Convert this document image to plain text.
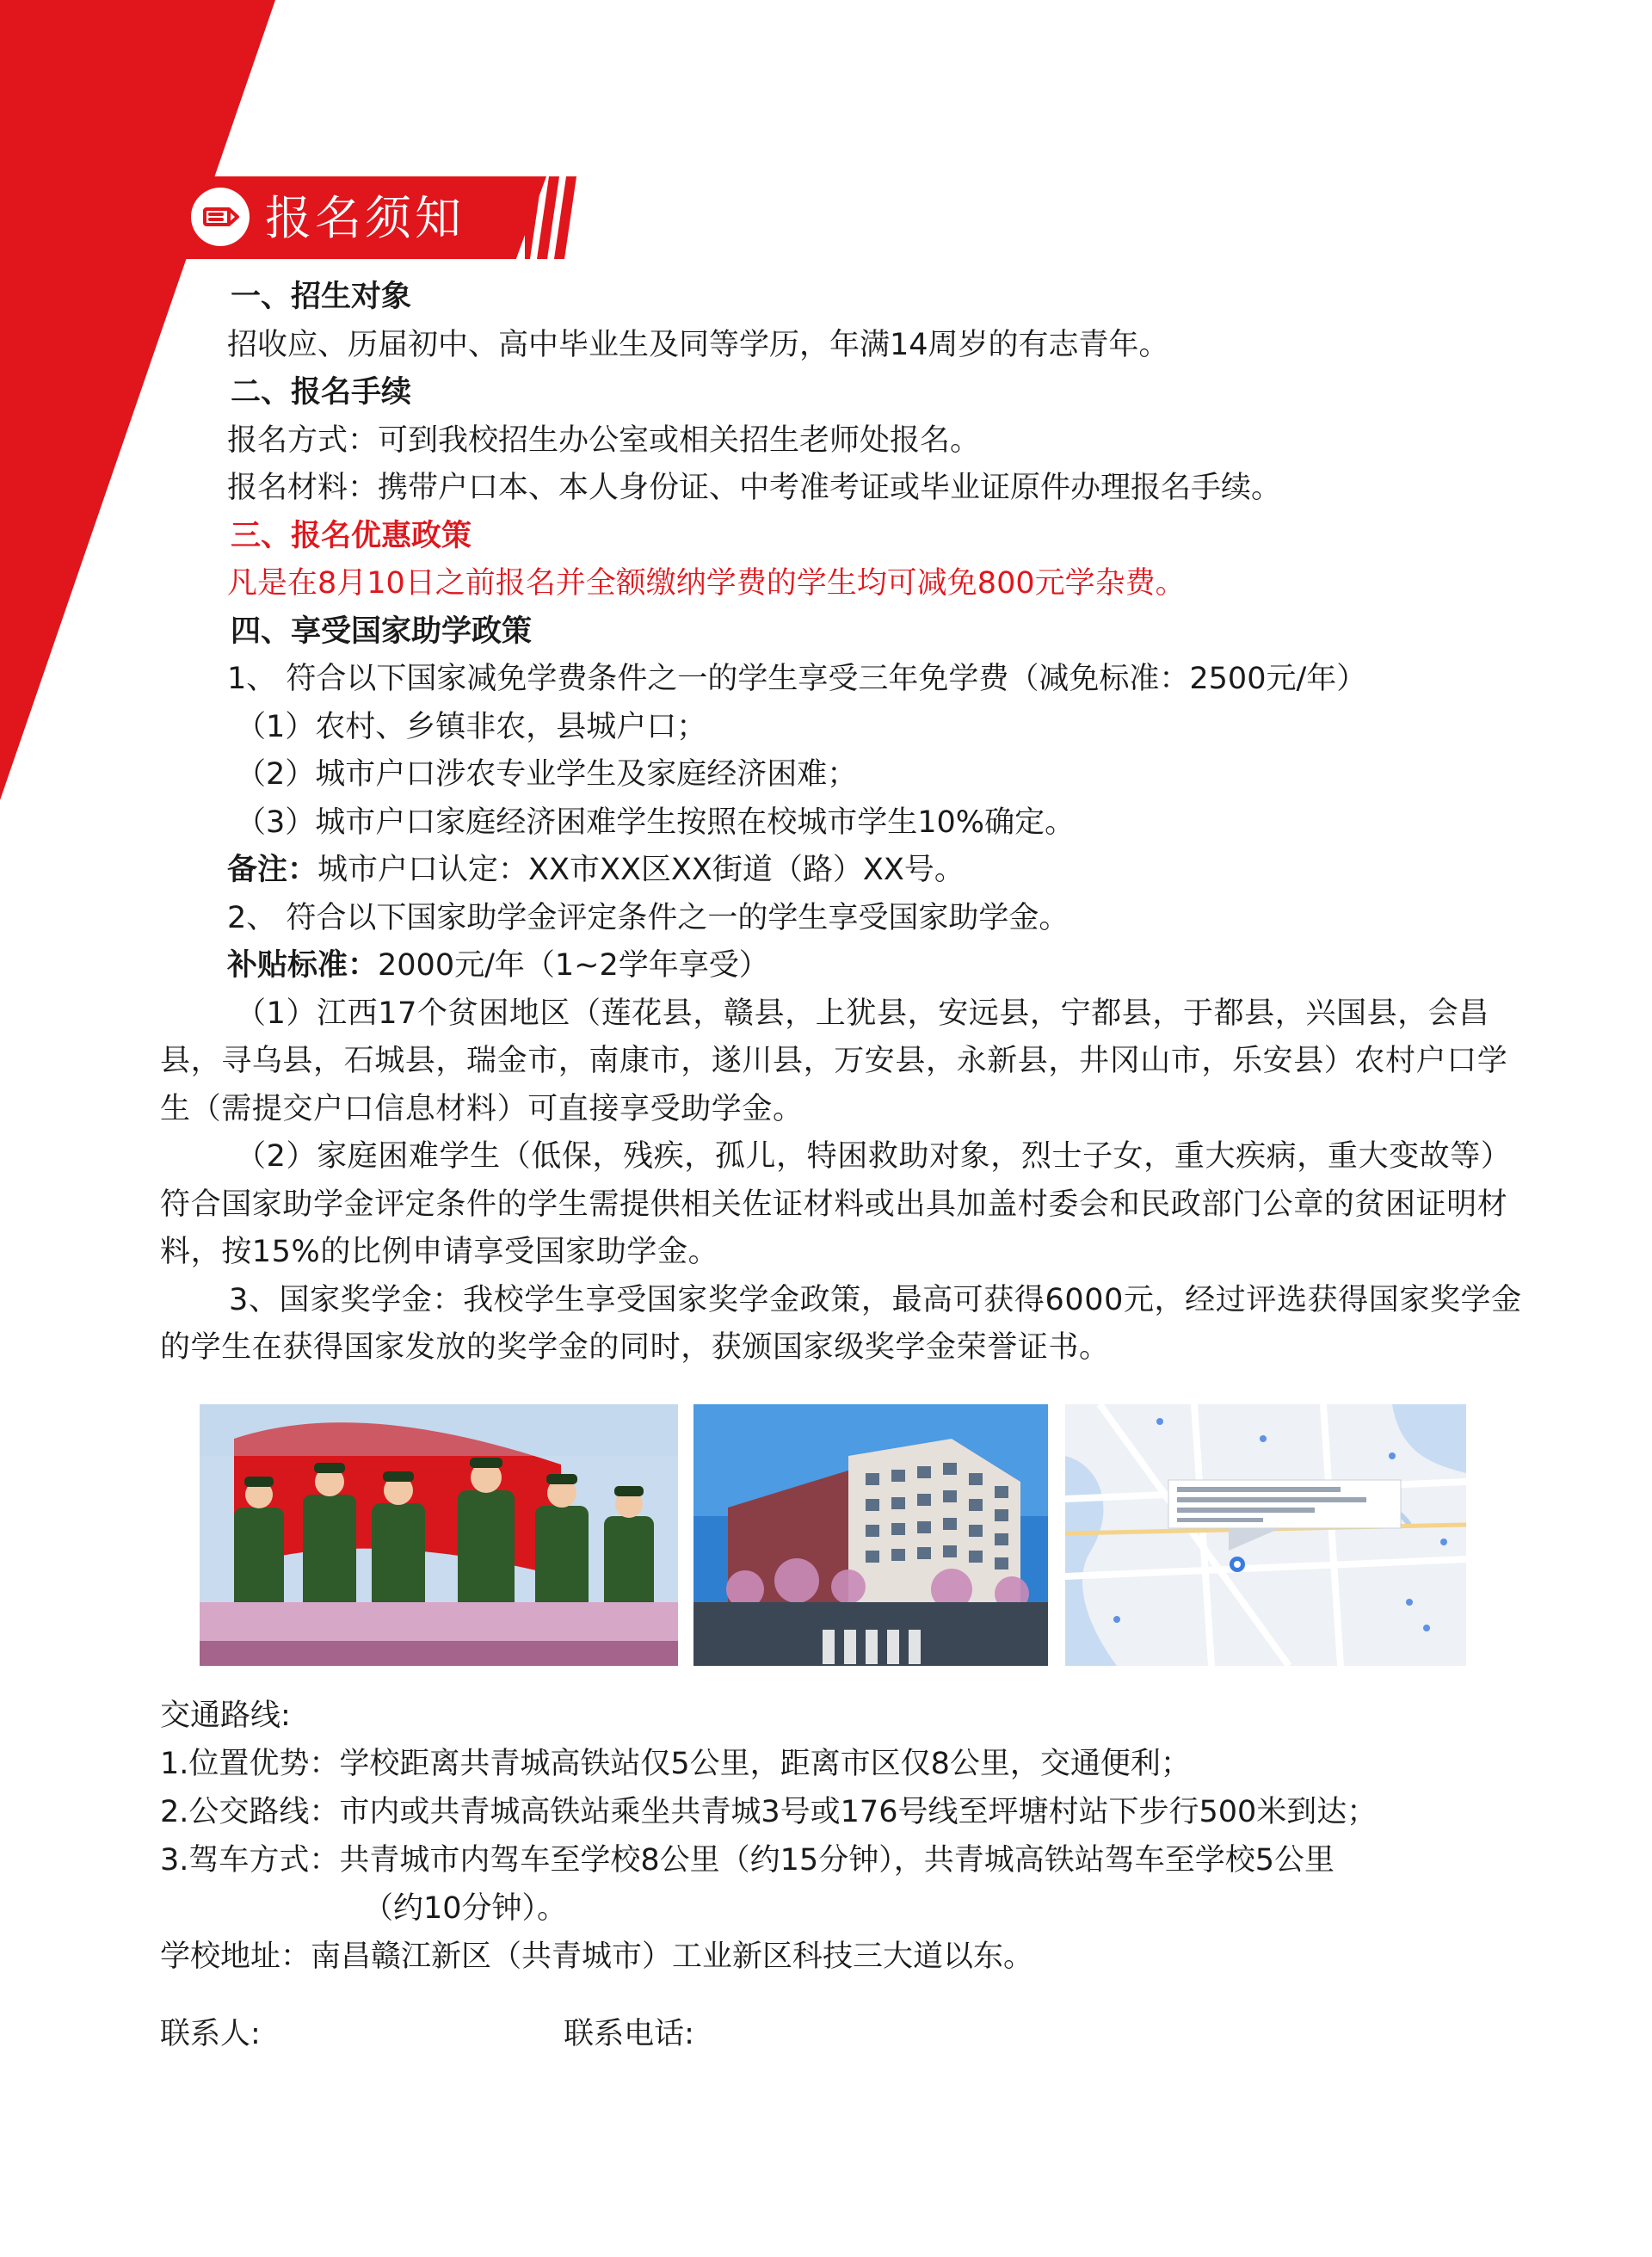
报名须知
一、招生对象
招收应、历届初中、高中毕业生及同等学历，年满14周岁的有志青年。
二、报名手续
报名方式：可到我校招生办公室或相关招生老师处报名。
报名材料：携带户口本、本人身份证、中考准考证或毕业证原件办理报名手续。
三、报名优惠政策
凡是在8月10日之前报名并全额缴纳学费的学生均可减免800元学杂费。
四、享受国家助学政策
1、 符合以下国家减免学费条件之一的学生享受三年免学费（减免标准：2500元/年）
（1）农村、乡镇非农，县城户口；
（2）城市户口涉农专业学生及家庭经济困难；
（3）城市户口家庭经济困难学生按照在校城市学生10%确定。
备注：城市户口认定：XX市XX区XX街道（路）XX号。
2、 符合以下国家助学金评定条件之一的学生享受国家助学金。
补贴标准：2000元/年（1~2学年享受）
（1）江西17个贫困地区（莲花县，赣县，上犹县，安远县，宁都县，于都县，兴国县，会昌县，寻乌县，石城县，瑞金市，南康市，遂川县，万安县，永新县，井冈山市，乐安县）农村户口学生（需提交户口信息材料）可直接享受助学金。
（2）家庭困难学生（低保，残疾，孤儿，特困救助对象，烈士子女，重大疾病，重大变故等）符合国家助学金评定条件的学生需提供相关佐证材料或出具加盖村委会和民政部门公章的贫困证明材料，按15%的比例申请享受国家助学金。
3、国家奖学金：我校学生享受国家奖学金政策，最高可获得6000元，经过评选获得国家奖学金的学生在获得国家发放的奖学金的同时，获颁国家级奖学金荣誉证书。
交通路线:
1.位置优势：学校距离共青城高铁站仅5公里，距离市区仅8公里，交通便利；
2.公交路线：市内或共青城高铁站乘坐共青城3号或176号线至坪塘村站下步行500米到达；
3.驾车方式：共青城市内驾车至学校8公里（约15分钟），共青城高铁站驾车至学校5公里
（约10分钟）。
学校地址：南昌赣江新区（共青城市）工业新区科技三大道以东。
联系人:	联系电话:
